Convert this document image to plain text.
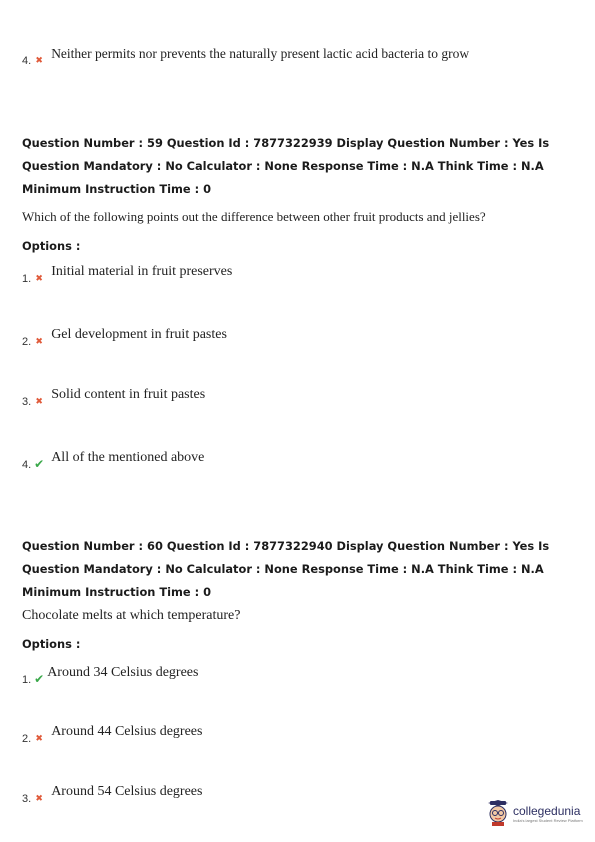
4. ✖ Neither permits nor prevents the naturally present lactic acid bacteria to grow
Question Number : 59 Question Id : 7877322939 Display Question Number : Yes Is Question Mandatory : No Calculator : None Response Time : N.A Think Time : N.A Minimum Instruction Time : 0
Which of the following points out the difference between other fruit products and jellies?
Options :
1. ✖ Initial material in fruit preserves
2. ✖ Gel development in fruit pastes
3. ✖ Solid content in fruit pastes
4. ✔ All of the mentioned above
Question Number : 60 Question Id : 7877322940 Display Question Number : Yes Is Question Mandatory : No Calculator : None Response Time : N.A Think Time : N.A Minimum Instruction Time : 0
Chocolate melts at which temperature?
Options :
1. ✔ Around 34 Celsius degrees
2. ✖ Around 44 Celsius degrees
3. ✖ Around 54 Celsius degrees
collegedunia
India's largest Student Review Platform
